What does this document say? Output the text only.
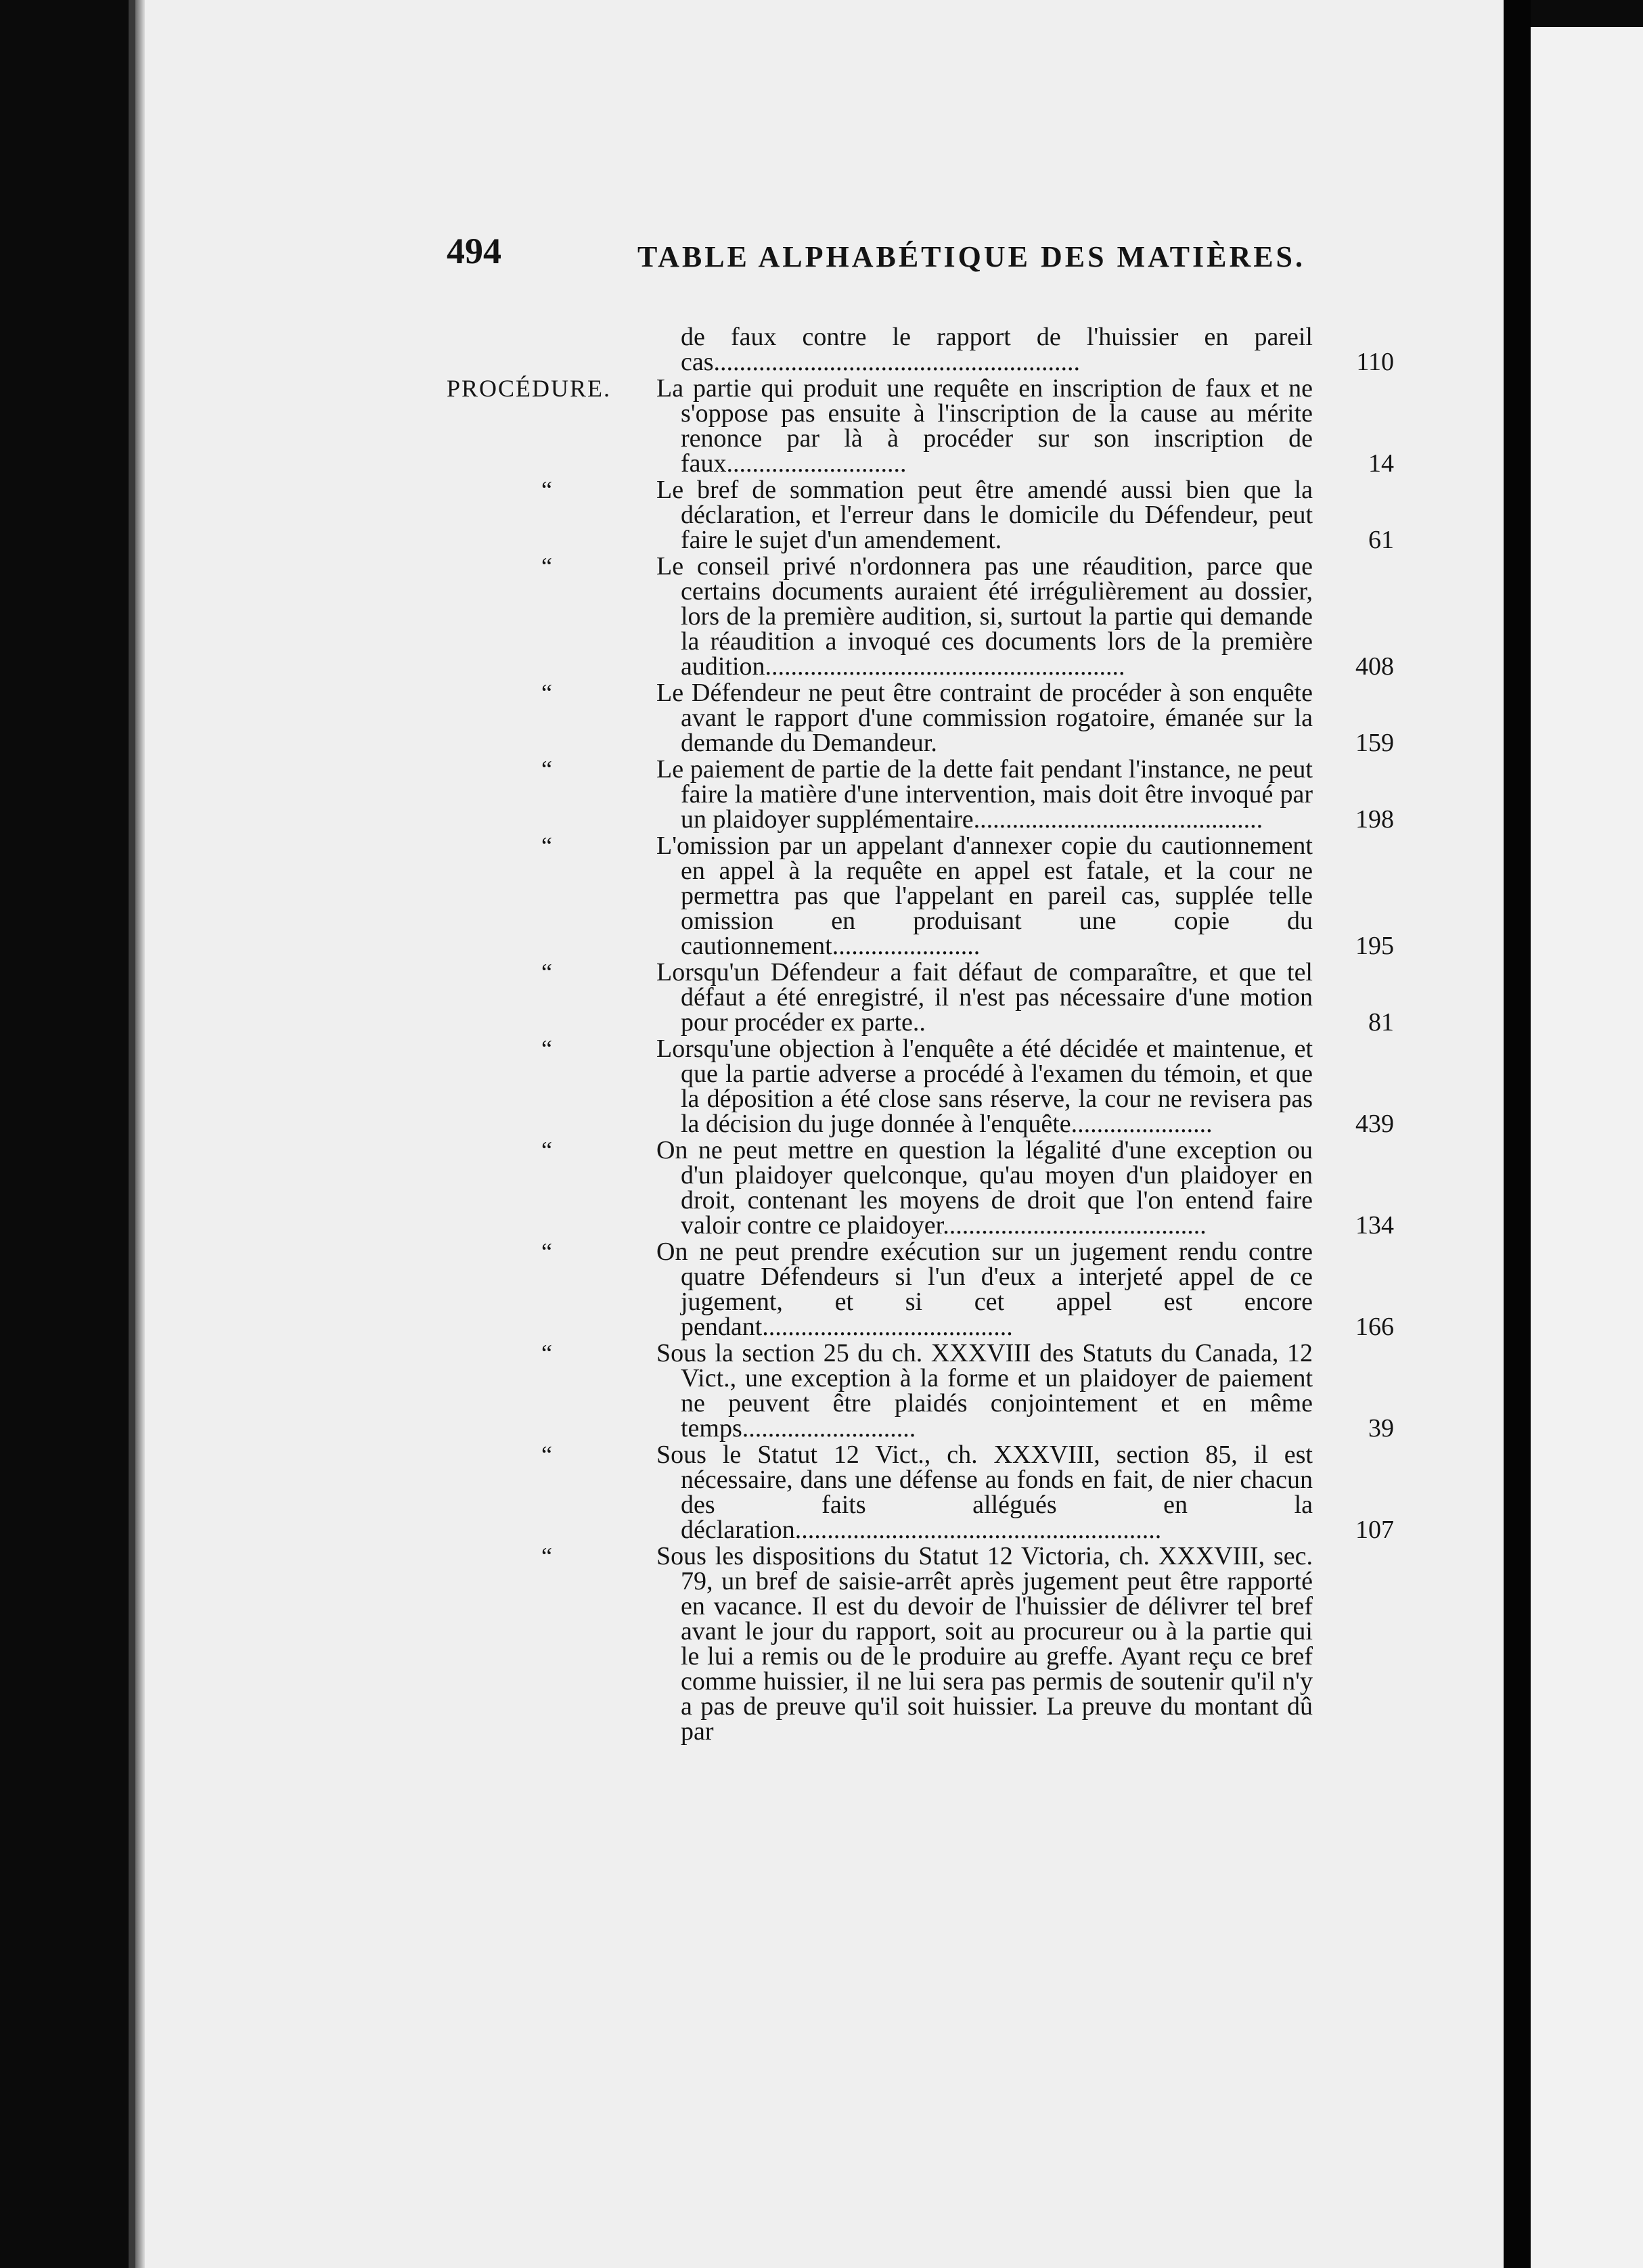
494	TABLE ALPHABÉTIQUE DES MATIÈRES.
de faux contre le rapport de l'huissier en pareil cas.........................................................	110
PROCÉDURE. La partie qui produit une requête en inscription de faux et ne s'oppose pas ensuite à l'inscription de la cause au mérite renonce par là à procéder sur son inscription de faux............................	14
“	Le bref de sommation peut être amendé aussi bien que la déclaration, et l'erreur dans le domicile du Défendeur, peut faire le sujet d'un amendement.	61
“	Le conseil privé n'ordonnera pas une réaudition, parce que certains documents auraient été irrégulièrement au dossier, lors de la première audition, si, surtout la partie qui demande la réaudition a invoqué ces documents lors de la première audition........................................................	408
“	Le Défendeur ne peut être contraint de procéder à son enquête avant le rapport d'une commission rogatoire, émanée sur la demande du Demandeur.	159
“	Le paiement de partie de la dette fait pendant l'instance, ne peut faire la matière d'une intervention, mais doit être invoqué par un plaidoyer supplémentaire.............................................	198
“	L'omission par un appelant d'annexer copie du cautionnement en appel à la requête en appel est fatale, et la cour ne permettra pas que l'appelant en pareil cas, supplée telle omission en produisant une copie du cautionnement.......................	195
“	Lorsqu'un Défendeur a fait défaut de comparaître, et que tel défaut a été enregistré, il n'est pas nécessaire d'une motion pour procéder ex parte..	81
“	Lorsqu'une objection à l'enquête a été décidée et maintenue, et que la partie adverse a procédé à l'examen du témoin, et que la déposition a été close sans réserve, la cour ne revisera pas la décision du juge donnée à l'enquête......................	439
“	On ne peut mettre en question la légalité d'une exception ou d'un plaidoyer quelconque, qu'au moyen d'un plaidoyer en droit, contenant les moyens de droit que l'on entend faire valoir contre ce plaidoyer.........................................	134
“	On ne peut prendre exécution sur un jugement rendu contre quatre Défendeurs si l'un d'eux a interjeté appel de ce jugement, et si cet appel est encore pendant.......................................	166
“	Sous la section 25 du ch. XXXVIII des Statuts du Canada, 12 Vict., une exception à la forme et un plaidoyer de paiement ne peuvent être plaidés conjointement et en même temps...........................	39
“	Sous le Statut 12 Vict., ch. XXXVIII, section 85, il est nécessaire, dans une défense au fonds en fait, de nier chacun des faits allégués en la déclaration.........................................................	107
“	Sous les dispositions du Statut 12 Victoria, ch. XXXVIII, sec. 79, un bref de saisie-arrêt après jugement peut être rapporté en vacance. Il est du devoir de l'huissier de délivrer tel bref avant le jour du rapport, soit au procureur ou à la partie qui le lui a remis ou de le produire au greffe. Ayant reçu ce bref comme huissier, il ne lui sera pas permis de soutenir qu'il n'y a pas de preuve qu'il soit huissier. La preuve du montant dû par
